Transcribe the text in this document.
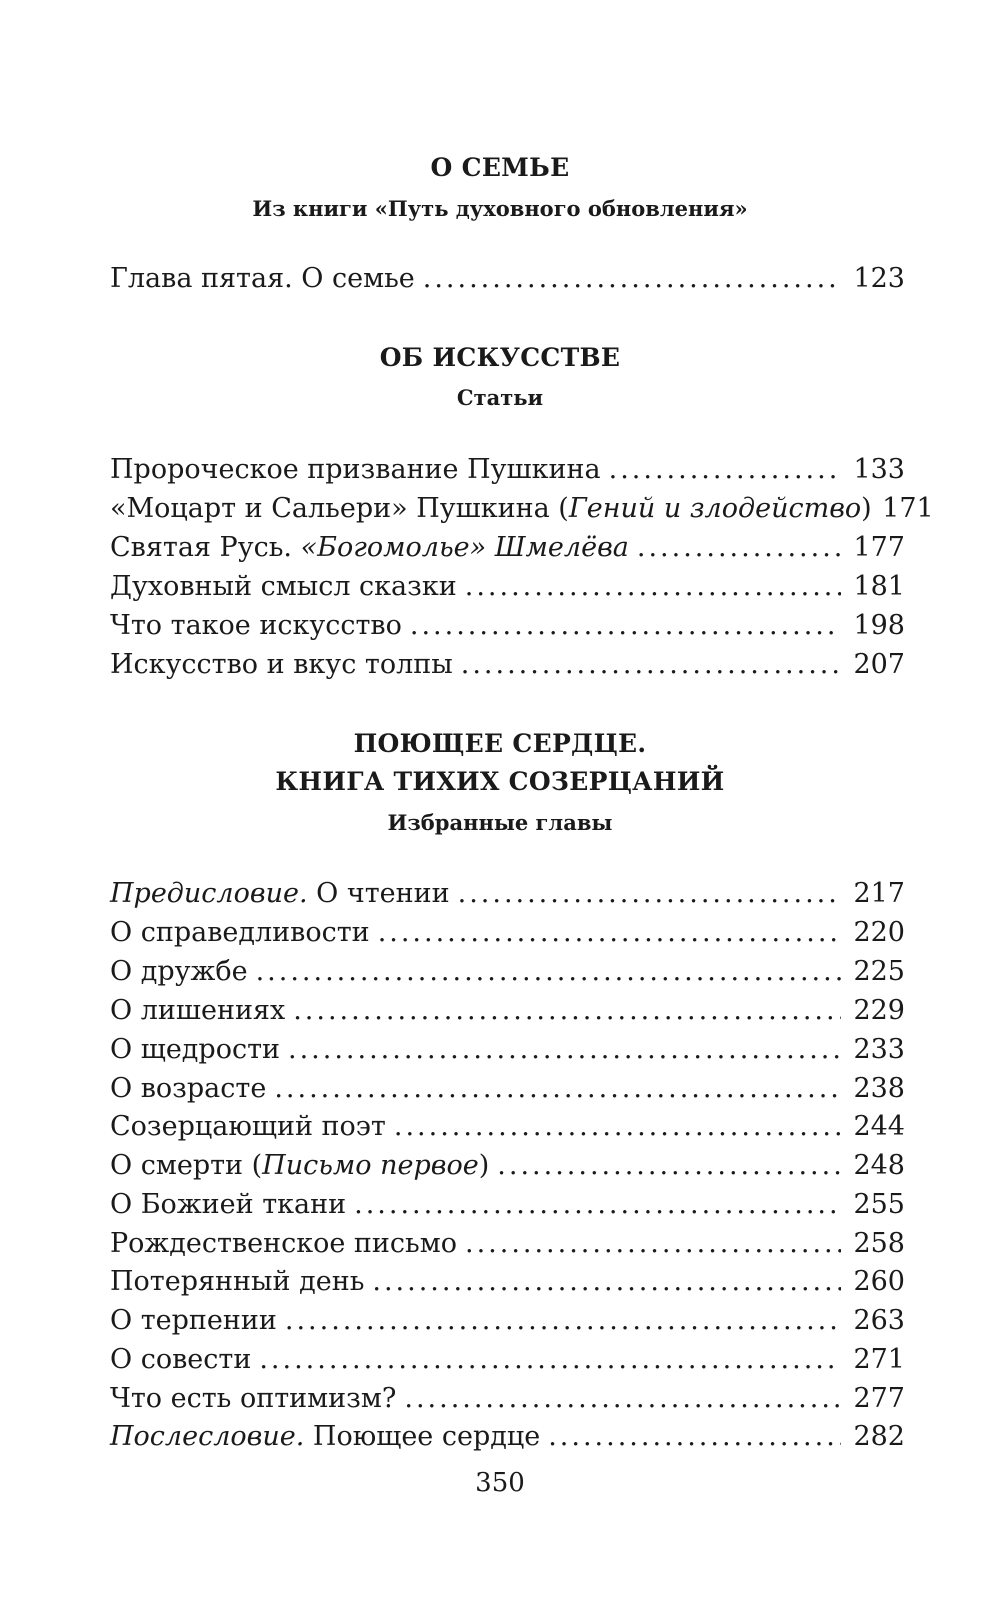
О СЕМЬЕ
Из книги «Путь духовного обновления»
Глава пятая. О семье .....	123
ОБ ИСКУССТВЕ
Статьи
Пророческое призвание Пушкина .....	133
«Моцарт и Сальери» Пушкина (Гений и злодейство) 171
Святая Русь. «Богомолье» Шмелёва .....	177
Духовный смысл сказки .....	181
Что такое искусство .....	198
Искусство и вкус толпы .....	207
ПОЮЩЕЕ СЕРДЦЕ.
КНИГА ТИХИХ СОЗЕРЦАНИЙ
Избранные главы
Предисловие. О чтении .....	217
О справедливости .....	220
О дружбе .....	225
О лишениях .....	229
О щедрости .....	233
О возрасте .....	238
Созерцающий поэт .....	244
О смерти (Письмо первое) .....	248
О Божией ткани .....	255
Рождественское письмо .....	258
Потерянный день .....	260
О терпении .....	263
О совести .....	271
Что есть оптимизм? .....	277
Послесловие. Поющее сердце .....	282
350
